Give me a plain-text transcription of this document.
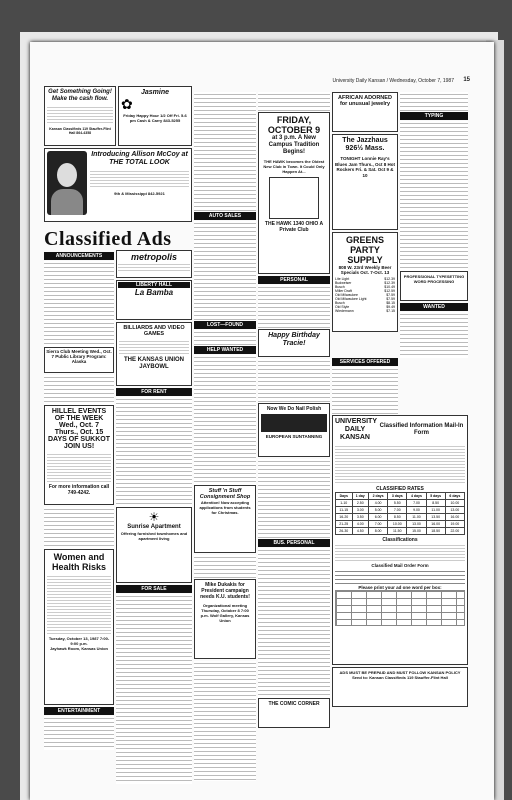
University Daily Kansan / Wednesday, October 7, 1987 15
Get Something Going! Make the cash flow.
Kansan Classifieds 119 Stauffer-Flint Hall 864-4358
Jasmine
✿
Friday Happy Hour 1/2 Off Fri. 5-6 pm Cash & Carry 843-5255
Introducing Allison McCoy at THE TOTAL LOOK
9th & Mississippi 842-5921
Classified Ads
ANNOUNCEMENTS
Sierra Club Meeting Wed., Oct. 7 Public Library Program: Alaska
HILLEL EVENTS OF THE WEEK Wed., Oct. 7 Thurs., Oct. 15 DAYS OF SUKKOT JOIN US!
For more information call 749-4242.
Women and Health Risks
Tuesday, October 13, 1987 7:00-9:00 p.m.
Jayhawk Room, Kansas Union
ENTERTAINMENT
metropolis
LIBERTY HALL
La Bamba
BILLIARDS AND VIDEO GAMES
THE KANSAS UNION JAYBOWL
FOR RENT
☀
Sunrise Apartment
Offering furnished townhomes and apartment living
FOR SALE
AUTO SALES
LOST—FOUND
HELP WANTED
Stuff 'n Stuff Consignment Shop
Attention! Now accepting applications from students for Christmas.
Mike Dukakis for President campaign needs K.U. students!
Organizational meeting Thursday, October 8 7:00 p.m. Wolf Gallery, Kansas Union
FRIDAY, OCTOBER 9
at 3 p.m. A New Campus Tradition Begins!
THE HAWK becomes the Oldest New Club in Town. It Could Only Happen At...
THE HAWK 1340 OHIO A Private Club
PERSONAL
Happy Birthday Tracie!
Now We Do Nail Polish
EUROPEAN SUNTANNING
BUS. PERSONAL
THE COMIC CORNER
AFRICAN ADORNED for unusual jewelry
The Jazzhaus 926½ Mass.
TONIGHT Lonnie Ray's Blues Jam Thurs., Oct 8 Hot Rockers Fri. & Sat. Oct 9 & 10
GREENS PARTY SUPPLY
808 W. 23rd Weekly Beer Specials Oct. 7-Oct. 13
Lite Light	$12.39
Budweiser	$12.39
Busch	$10.49
Miller Draft	$12.59
Old Milwaukee	$7.59
Old Milwaukee Light	$7.59
Busch	$8.15
Old Style	$9.49
Wiedemann	$7.15
TYPING
PROFESSIONAL TYPESETTING WORD PROCESSING
WANTED
SERVICES OFFERED
UNIVERSITY DAILY KANSAN
Classified Information Mail-In Form
CLASSIFIED RATES
Days	1 day	2 days	3 days	4 days	5 days	6 days
1-10	2.50	4.00	5.50	7.00	8.50	10.00
11-15	3.00	5.00	7.00	9.00	11.00	13.00
16-20	3.50	6.00	8.50	11.00	13.50	16.00
21-25	4.00	7.00	10.00	13.00	16.00	19.00
26-30	4.50	8.00	11.50	15.00	18.50	22.00
Classifications
Classified Mail Order Form
Please print your ad one word per box:
ADS MUST BE PREPAID AND MUST FOLLOW KANSAN POLICY Send to: Kansan Classifieds 119 Stauffer-Flint Hall
